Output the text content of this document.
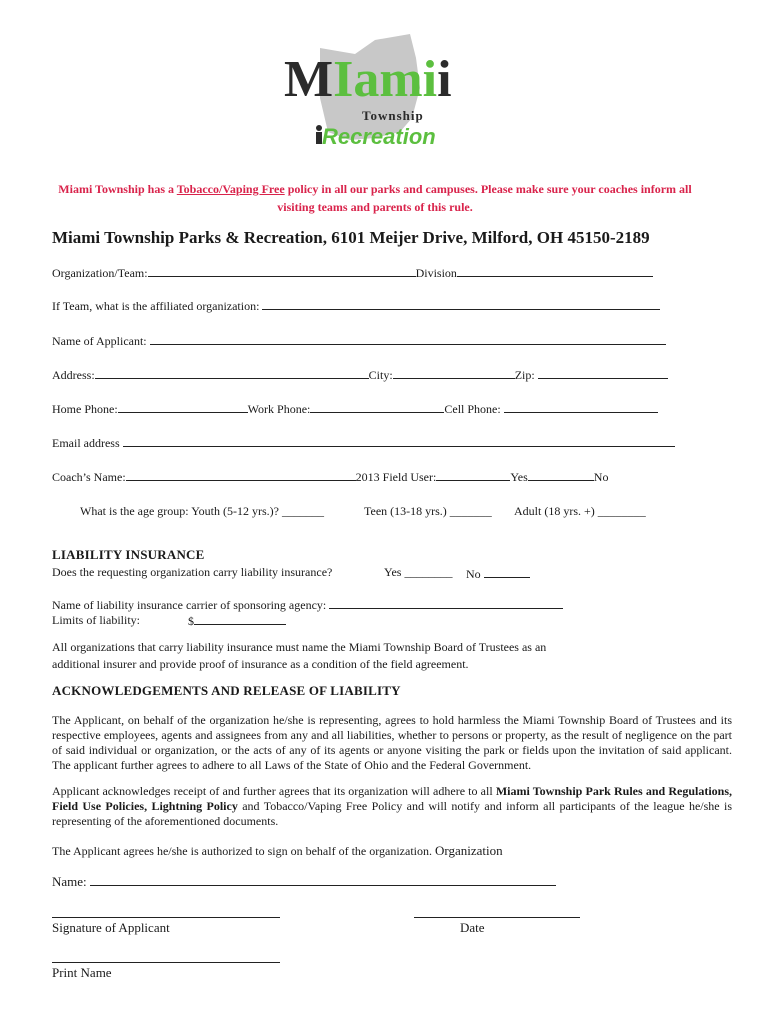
MIamii
Township
Recreation
Miami Township has a Tobacco/Vaping Free policy in all our parks and campuses. Please make sure your coaches inform all visiting teams and parents of this rule.
Miami Township Parks & Recreation, 6101 Meijer Drive, Milford, OH 45150-2189
Organization/Team:	Division
If Team, what is the affiliated organization:
Name of Applicant:
Address:	City:	Zip:
Home Phone:	Work Phone:	Cell Phone:
Email address
Coach’s Name:	2013 Field User:	Yes	No
What is the age group: Youth (5-12 yrs.)? _______	Teen (13-18 yrs.) _______ Adult (18 yrs. +) ________
LIABILITY INSURANCE
Does the requesting organization carry liability insurance?	Yes ________ No
Name of liability insurance carrier of sponsoring agency:
Limits of liability:	$
All organizations that carry liability insurance must name the Miami Township Board of Trustees as an additional insurer and provide proof of insurance as a condition of the field agreement.
ACKNOWLEDGEMENTS AND RELEASE OF LIABILITY
The Applicant, on behalf of the organization he/she is representing, agrees to hold harmless the Miami Township Board of Trustees and its respective employees, agents and assignees from any and all liabilities, whether to persons or property, as the result of negligence on the part of said individual or organization, or the acts of any of its agents or anyone visiting the park or fields upon the invitation of said applicant. The applicant further agrees to adhere to all Laws of the State of Ohio and the Federal Government.
Applicant acknowledges receipt of and further agrees that its organization will adhere to all Miami Township Park Rules and Regulations, Field Use Policies, Lightning Policy and Tobacco/Vaping Free Policy and will notify and inform all participants of the league he/she is representing of the aforementioned documents.
The Applicant agrees he/she is authorized to sign on behalf of the organization. Organization
Name:
Signature of Applicant	Date
Print Name
